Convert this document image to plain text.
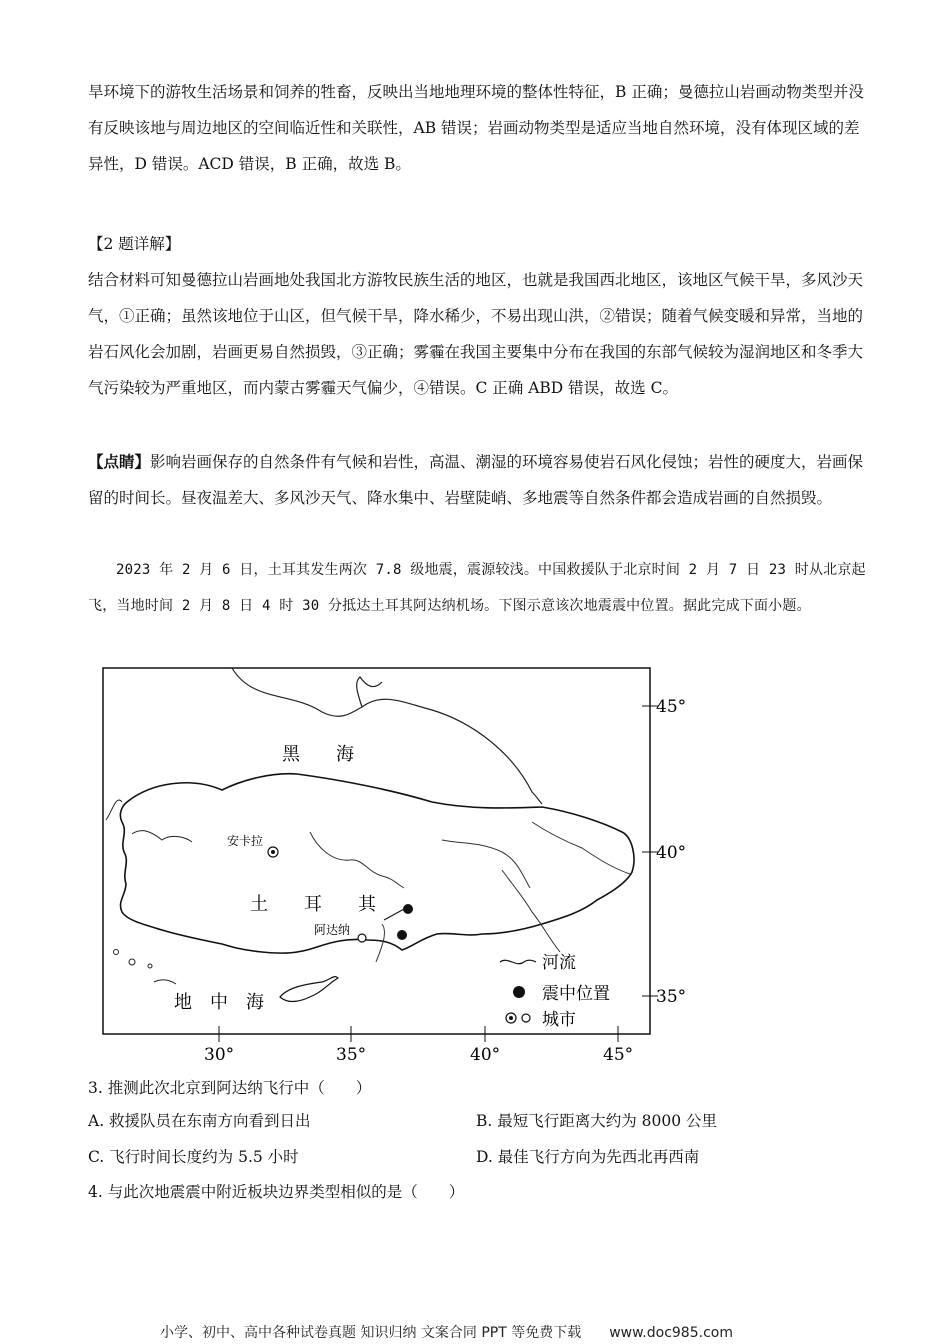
旱环境下的游牧生活场景和饲养的牲畜，反映出当地地理环境的整体性特征，B 正确；曼德拉山岩画动物类型并没有反映该地与周边地区的空间临近性和关联性，AB 错误；岩画动物类型是适应当地自然环境，没有体现区域的差异性，D 错误。ACD 错误，B 正确，故选 B。

【2 题详解】

结合材料可知曼德拉山岩画地处我国北方游牧民族生活的地区，也就是我国西北地区，该地区气候干旱，多风沙天气，①正确；虽然该地位于山区，但气候干旱，降水稀少，不易出现山洪，②错误；随着气候变暖和异常，当地的岩石风化会加剧，岩画更易自然损毁，③正确；雾霾在我国主要集中分布在我国的东部气候较为湿润地区和冬季大气污染较为严重地区，而内蒙古雾霾天气偏少，④错误。C 正确 ABD 错误，故选 C。

【点睛】影响岩画保存的自然条件有气候和岩性，高温、潮湿的环境容易使岩石风化侵蚀；岩性的硬度大，岩画保留的时间长。昼夜温差大、多风沙天气、降水集中、岩壁陡峭、多地震等自然条件都会造成岩画的自然损毁。

2023 年 2 月 6 日，土耳其发生两次 7.8 级地震，震源较浅。中国救援队于北京时间 2 月 7 日 23 时从北京起飞，当地时间 2 月 8 日 4 时 30 分抵达土耳其阿达纳机场。下图示意该次地震震中位置。据此完成下面小题。

安卡拉
阿达纳
黑　　海
土　　耳　　其
地　中　海
45°
40°
35°
30°	35°	40°	45°
河流
震中位置
城市
3. 推测此次北京到阿达纳飞行中（　　）
A. 救援队员在东南方向看到日出	B. 最短飞行距离大约为 8000 公里
C. 飞行时间长度约为 5.5 小时	D. 最佳飞行方向为先西北再西南
4. 与此次地震震中附近板块边界类型相似的是（　　）
小学、初中、高中各种试卷真题 知识归纳 文案合同 PPT 等免费下载　　www.doc985.com
